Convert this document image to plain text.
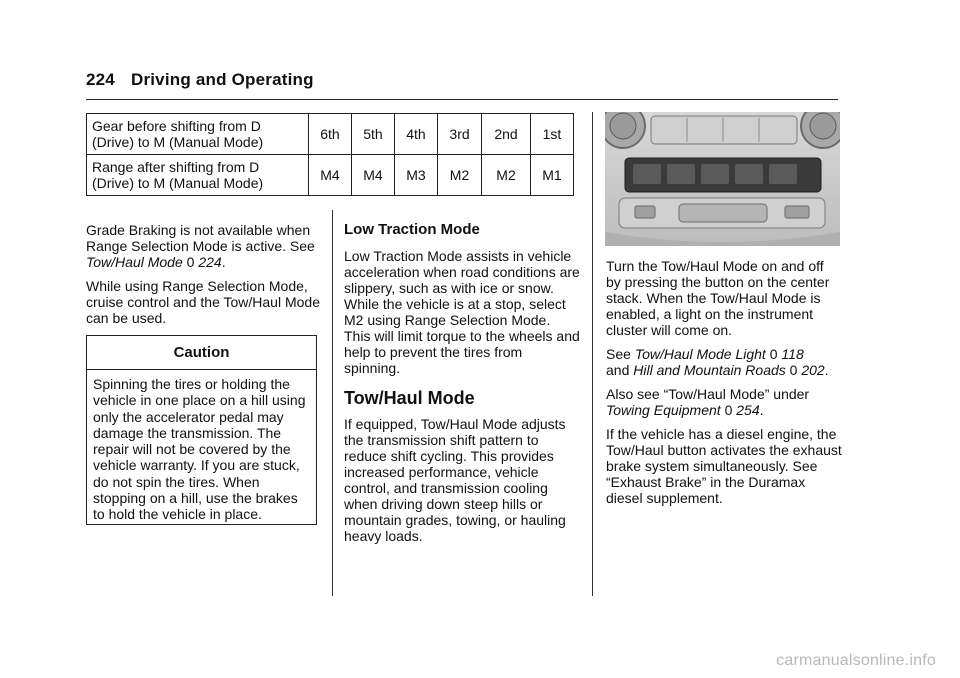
224 Driving and Operating
Gear before shifting from D (Drive) to M (Manual Mode)	6th	5th	4th	3rd	2nd	1st
Range after shifting from D (Drive) to M (Manual Mode)	M4	M4	M3	M2	M2	M1

Grade Braking is not available when Range Selection Mode is active. See Tow/Haul Mode 0 224.

While using Range Selection Mode, cruise control and the Tow/Haul Mode can be used.

Caution
Spinning the tires or holding the vehicle in one place on a hill using only the accelerator pedal may damage the transmission. The repair will not be covered by the vehicle warranty. If you are stuck, do not spin the tires. When stopping on a hill, use the brakes to hold the vehicle in place.
Low Traction Mode

Low Traction Mode assists in vehicle acceleration when road conditions are slippery, such as with ice or snow. While the vehicle is at a stop, select M2 using Range Selection Mode. This will limit torque to the wheels and help to prevent the tires from spinning.

Tow/Haul Mode

If equipped, Tow/Haul Mode adjusts the transmission shift pattern to reduce shift cycling. This provides increased performance, vehicle control, and transmission cooling when driving down steep hills or mountain grades, towing, or hauling heavy loads.

Turn the Tow/Haul Mode on and off by pressing the button on the center stack. When the Tow/Haul Mode is enabled, a light on the instrument cluster will come on.

See Tow/Haul Mode Light 0 118
and Hill and Mountain Roads 0 202.

Also see “Tow/Haul Mode” under Towing Equipment 0 254.

If the vehicle has a diesel engine, the Tow/Haul button activates the exhaust brake system simultaneously. See “Exhaust Brake” in the Duramax diesel supplement.

carmanualsonline.info
